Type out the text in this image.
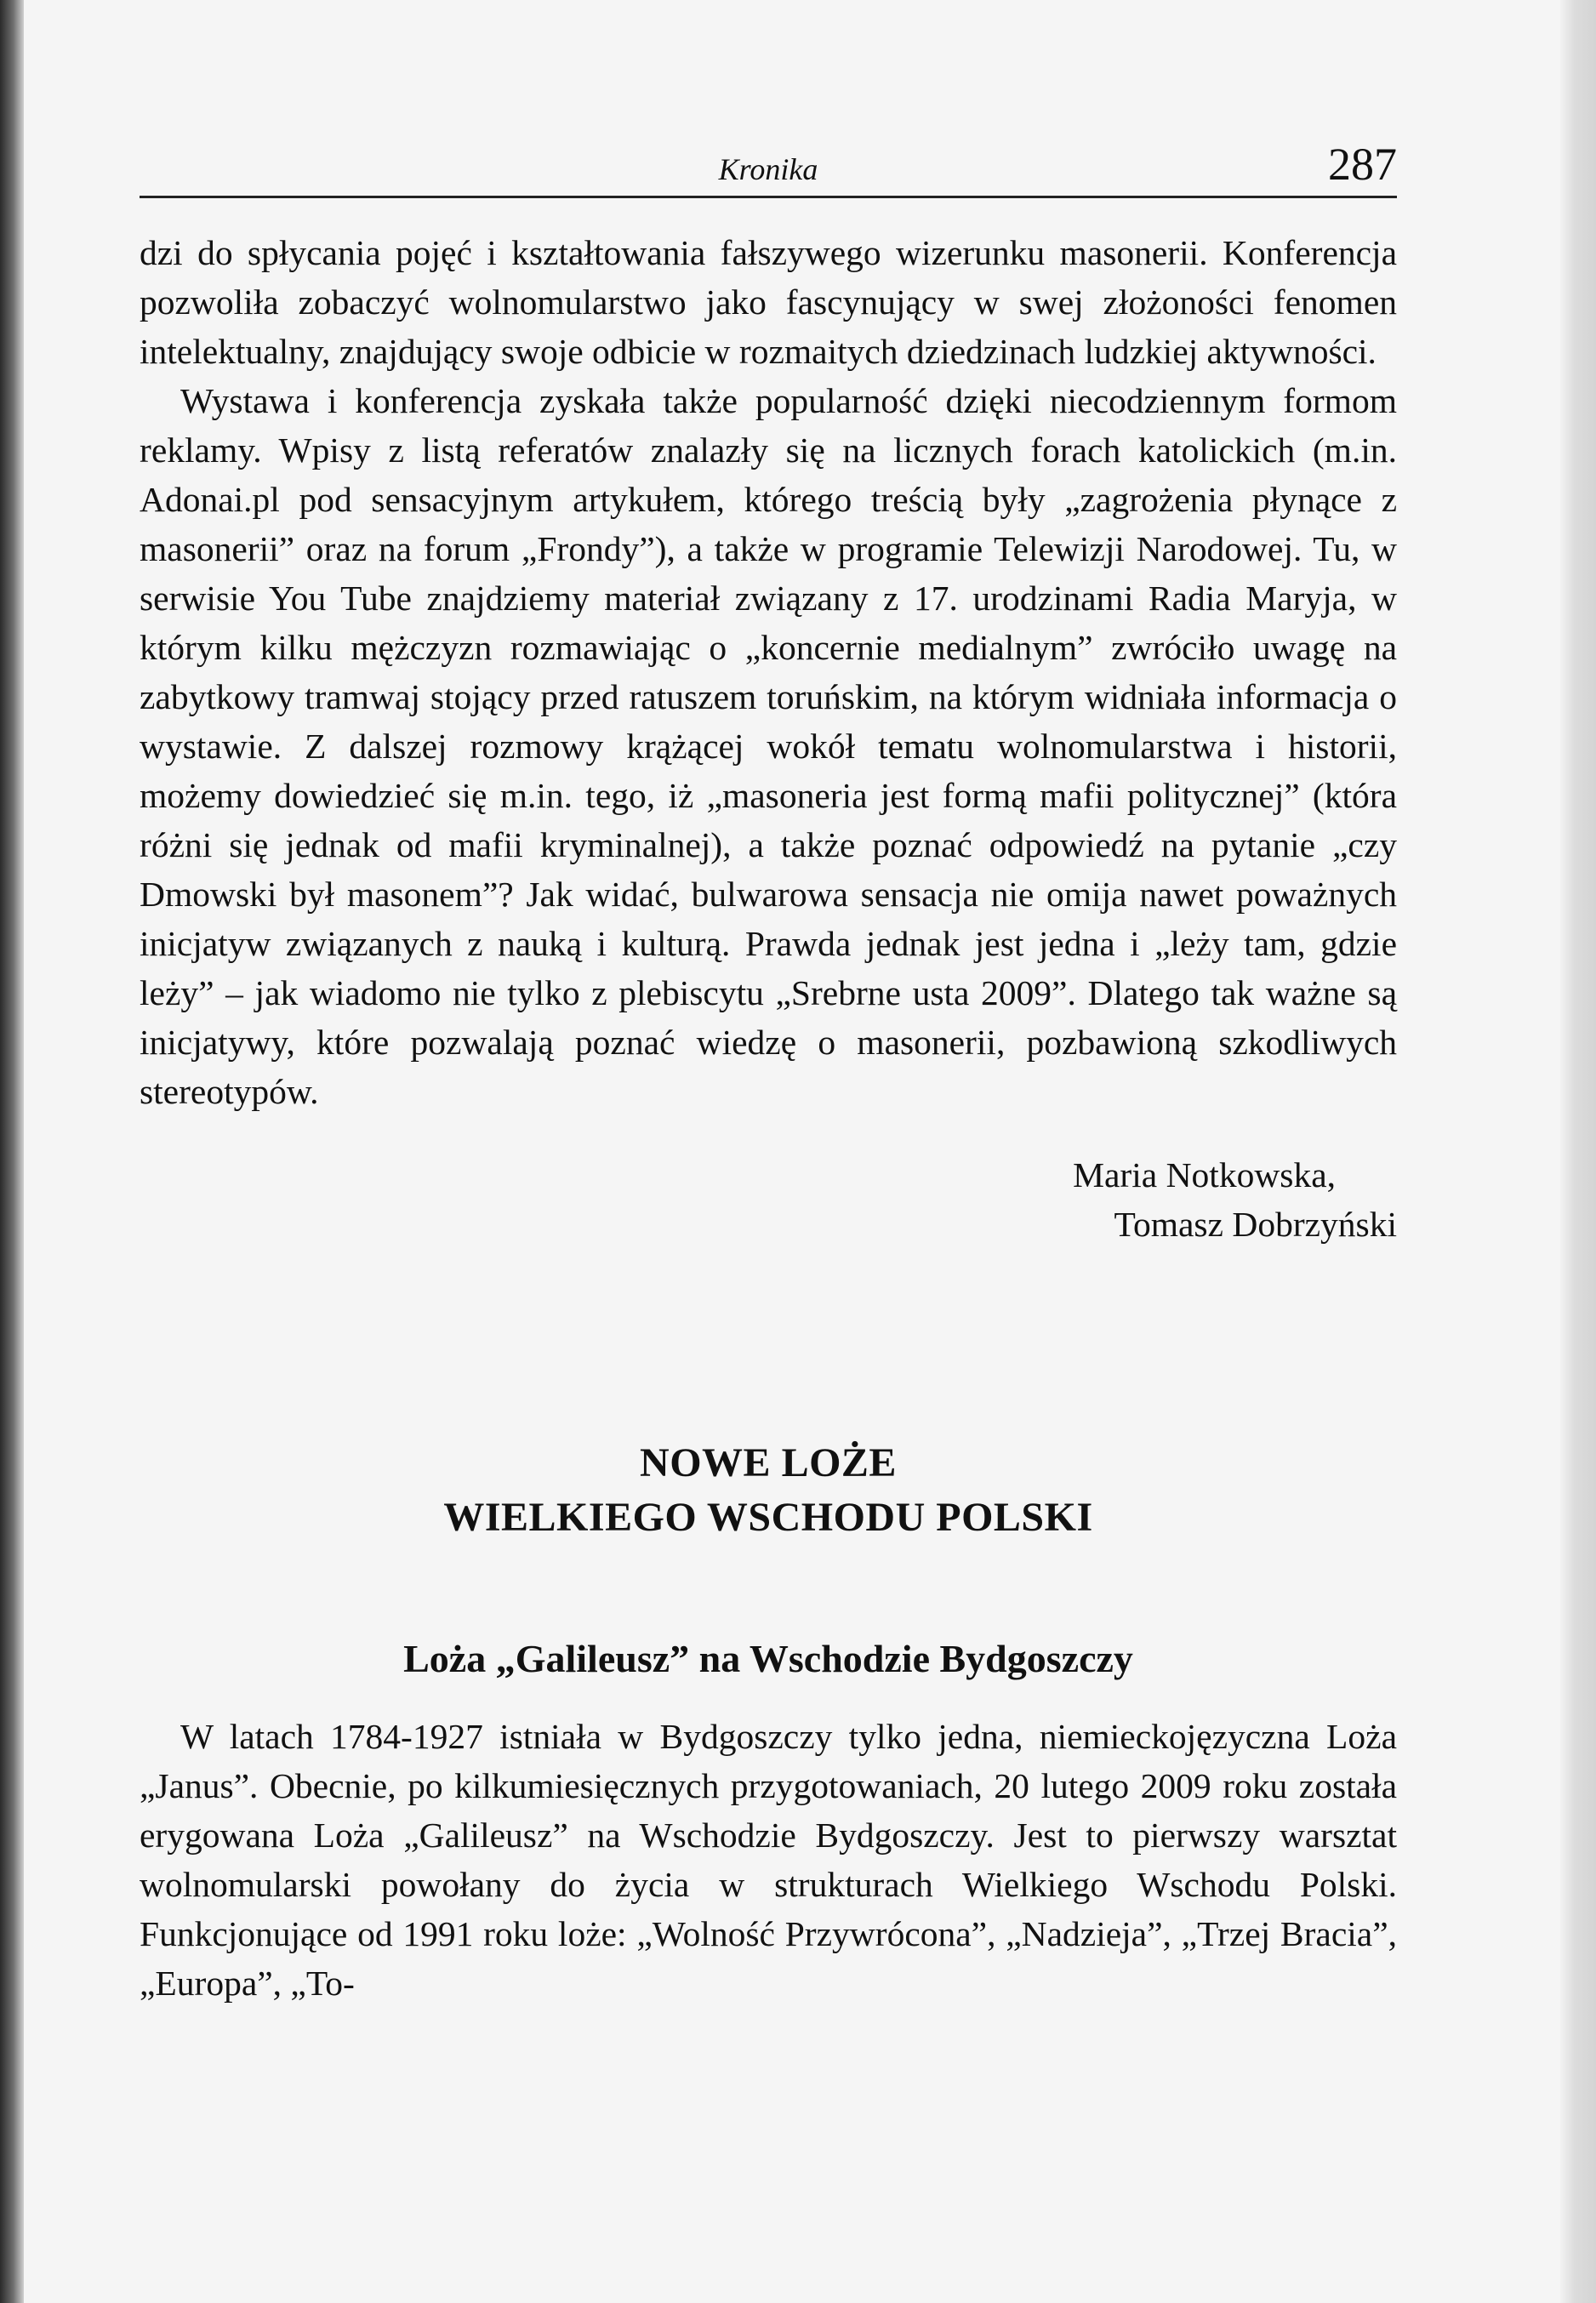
Kronika	287

dzi do spłycania pojęć i kształtowania fałszywego wizerunku masonerii. Konferencja pozwoliła zobaczyć wolnomularstwo jako fascynujący w swej złożoności fenomen intelektualny, znajdujący swoje odbicie w rozmaitych dziedzinach ludzkiej aktywności.

Wystawa i konferencja zyskała także popularność dzięki niecodziennym formom reklamy. Wpisy z listą referatów znalazły się na licznych forach katolickich (m.in. Adonai.pl pod sensacyjnym artykułem, którego treścią były „zagrożenia płynące z masonerii” oraz na forum „Frondy”), a także w programie Telewizji Narodowej. Tu, w serwisie You Tube znajdziemy materiał związany z 17. urodzinami Radia Maryja, w którym kilku mężczyzn rozmawiając o „koncernie medialnym” zwróciło uwagę na zabytkowy tramwaj stojący przed ratuszem toruńskim, na którym widniała informacja o wystawie. Z dalszej rozmowy krążącej wokół tematu wolnomularstwa i historii, możemy dowiedzieć się m.in. tego, iż „masoneria jest formą mafii politycznej” (która różni się jednak od mafii kryminalnej), a także poznać odpowiedź na pytanie „czy Dmowski był masonem”? Jak widać, bulwarowa sensacja nie omija nawet poważnych inicjatyw związanych z nauką i kulturą. Prawda jednak jest jedna i „leży tam, gdzie leży” – jak wiadomo nie tylko z plebiscytu „Srebrne usta 2009”. Dlatego tak ważne są inicjatywy, które pozwalają poznać wiedzę o masonerii, pozbawioną szkodliwych stereotypów.

Maria Notkowska,
Tomasz Dobrzyński
NOWE LOŻE
WIELKIEGO WSCHODU POLSKI
Loża „Galileusz” na Wschodzie Bydgoszczy

W latach 1784-1927 istniała w Bydgoszczy tylko jedna, niemieckojęzyczna Loża „Janus”. Obecnie, po kilkumiesięcznych przygotowaniach, 20 lutego 2009 roku została erygowana Loża „Galileusz” na Wschodzie Bydgoszczy. Jest to pierwszy warsztat wolnomularski powołany do życia w strukturach Wielkiego Wschodu Polski. Funkcjonujące od 1991 roku loże: „Wolność Przywrócona”, „Nadzieja”, „Trzej Bracia”, „Europa”, „To-
